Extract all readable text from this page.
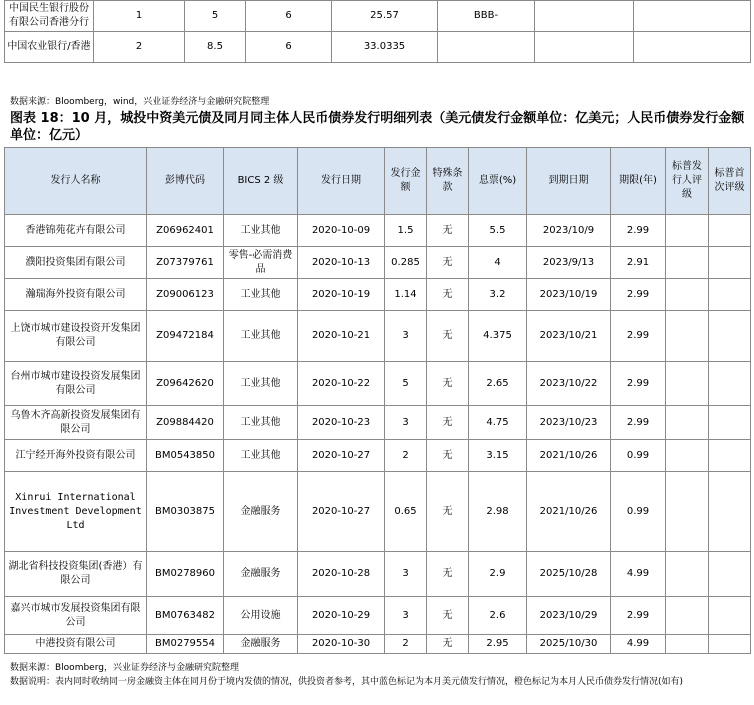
中国民生银行股份有限公司香港分行	1	5	6	25.57	BBB-		
中国农业银行/香港	2	8.5	6	33.0335			
数据来源：Bloomberg，wind，兴业证券经济与金融研究院整理
图表 18：10 月，城投中资美元债及同月同主体人民币债券发行明细列表（美元债发行金额单位：亿美元；人民币债券发行金额单位：亿元）
发行人名称	彭博代码	BICS 2 级	发行日期	发行金额	特殊条款	息票(%)	到期日期	期限(年)	标普发行人评级	标普首次评级
香港锦苑花卉有限公司	Z06962401	工业其他	2020-10-09	1.5	无	5.5	2023/10/9	2.99		
濮阳投资集团有限公司	Z07379761	零售-必需消费品	2020-10-13	0.285	无	4	2023/9/13	2.91		
瀚瑞海外投资有限公司	Z09006123	工业其他	2020-10-19	1.14	无	3.2	2023/10/19	2.99		
上饶市城市建设投资开发集团有限公司	Z09472184	工业其他	2020-10-21	3	无	4.375	2023/10/21	2.99		
台州市城市建设投资发展集团有限公司	Z09642620	工业其他	2020-10-22	5	无	2.65	2023/10/22	2.99		
乌鲁木齐高新投资发展集团有限公司	Z09884420	工业其他	2020-10-23	3	无	4.75	2023/10/23	2.99		
江宁经开海外投资有限公司	BM0543850	工业其他	2020-10-27	2	无	3.15	2021/10/26	0.99		
Xinrui International Investment Development Ltd	BM0303875	金融服务	2020-10-27	0.65	无	2.98	2021/10/26	0.99		
湖北省科技投资集团(香港）有限公司	BM0278960	金融服务	2020-10-28	3	无	2.9	2025/10/28	4.99		
嘉兴市城市发展投资集团有限公司	BM0763482	公用设施	2020-10-29	3	无	2.6	2023/10/29	2.99		
中港投资有限公司	BM0279554	金融服务	2020-10-30	2	无	2.95	2025/10/30	4.99		
数据来源：Bloomberg，兴业证券经济与金融研究院整理
数据说明：表内同时收纳同一房金融资主体在同月份于境内发债的情况，供投资者参考，其中蓝色标记为本月美元债发行情况，橙色标记为本月人民币债券发行情况(如有)
